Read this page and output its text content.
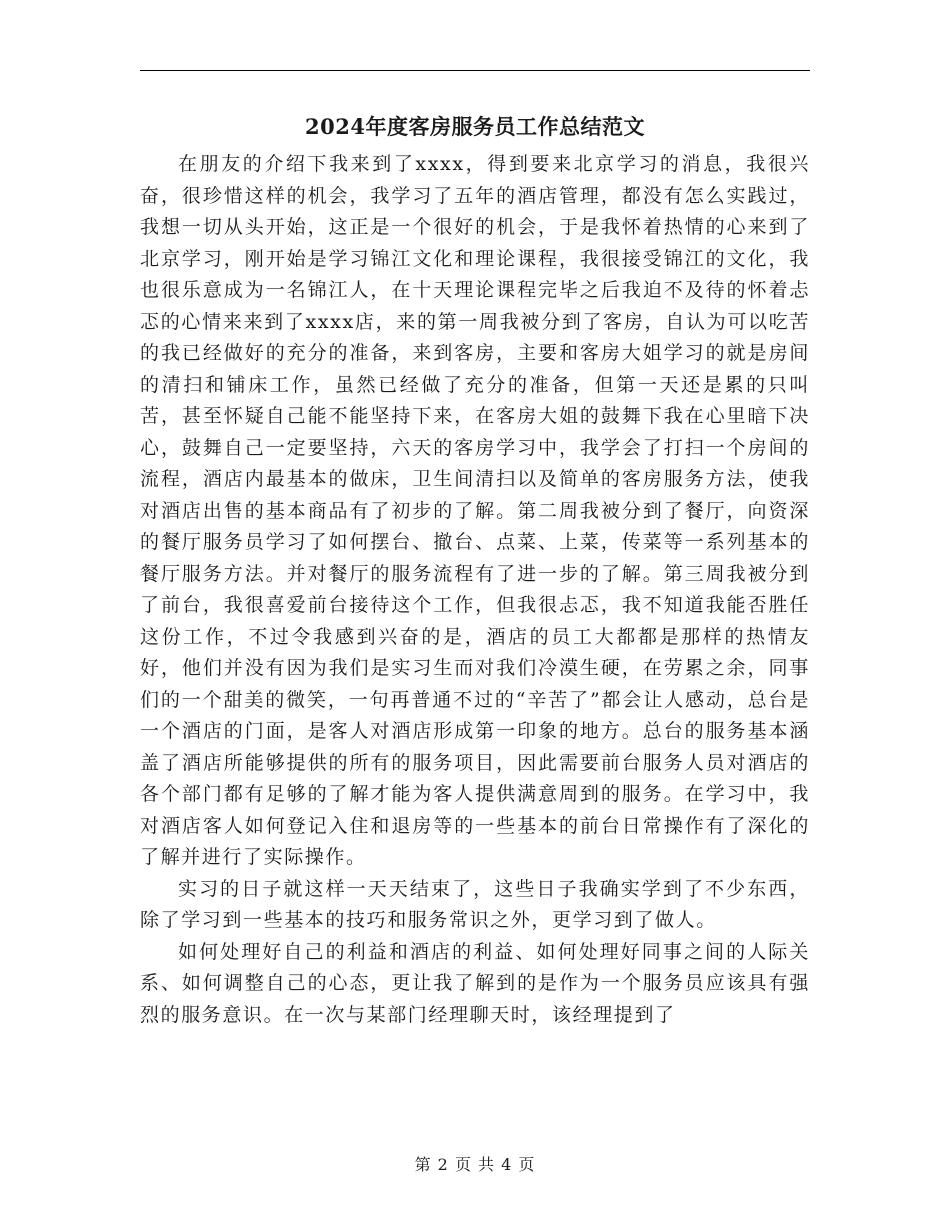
2024年度客房服务员工作总结范文

在朋友的介绍下我来到了xxxx，得到要来北京学习的消息，我很兴奋，很珍惜这样的机会，我学习了五年的酒店管理，都没有怎么实践过，我想一切从头开始，这正是一个很好的机会，于是我怀着热情的心来到了北京学习，刚开始是学习锦江文化和理论课程，我很接受锦江的文化，我也很乐意成为一名锦江人，在十天理论课程完毕之后我迫不及待的怀着忐忑的心情来来到了xxxx店，来的第一周我被分到了客房，自认为可以吃苦的我已经做好的充分的准备，来到客房，主要和客房大姐学习的就是房间的清扫和铺床工作，虽然已经做了充分的准备，但第一天还是累的只叫苦，甚至怀疑自己能不能坚持下来，在客房大姐的鼓舞下我在心里暗下决心，鼓舞自己一定要坚持，六天的客房学习中，我学会了打扫一个房间的流程，酒店内最基本的做床，卫生间清扫以及简单的客房服务方法，使我对酒店出售的基本商品有了初步的了解。第二周我被分到了餐厅，向资深的餐厅服务员学习了如何摆台、撤台、点菜、上菜，传菜等一系列基本的餐厅服务方法。并对餐厅的服务流程有了进一步的了解。第三周我被分到了前台，我很喜爱前台接待这个工作，但我很忐忑，我不知道我能否胜任这份工作，不过令我感到兴奋的是，酒店的员工大都都是那样的热情友好，他们并没有因为我们是实习生而对我们冷漠生硬，在劳累之余，同事们的一个甜美的微笑，一句再普通不过的“辛苦了”都会让人感动，总台是一个酒店的门面，是客人对酒店形成第一印象的地方。总台的服务基本涵盖了酒店所能够提供的所有的服务项目，因此需要前台服务人员对酒店的各个部门都有足够的了解才能为客人提供满意周到的服务。在学习中，我对酒店客人如何登记入住和退房等的一些基本的前台日常操作有了深化的了解并进行了实际操作。

实习的日子就这样一天天结束了，这些日子我确实学到了不少东西，除了学习到一些基本的技巧和服务常识之外，更学习到了做人。

如何处理好自己的利益和酒店的利益、如何处理好同事之间的人际关系、如何调整自己的心态，更让我了解到的是作为一个服务员应该具有强烈的服务意识。在一次与某部门经理聊天时，该经理提到了

第 2 页 共 4 页
